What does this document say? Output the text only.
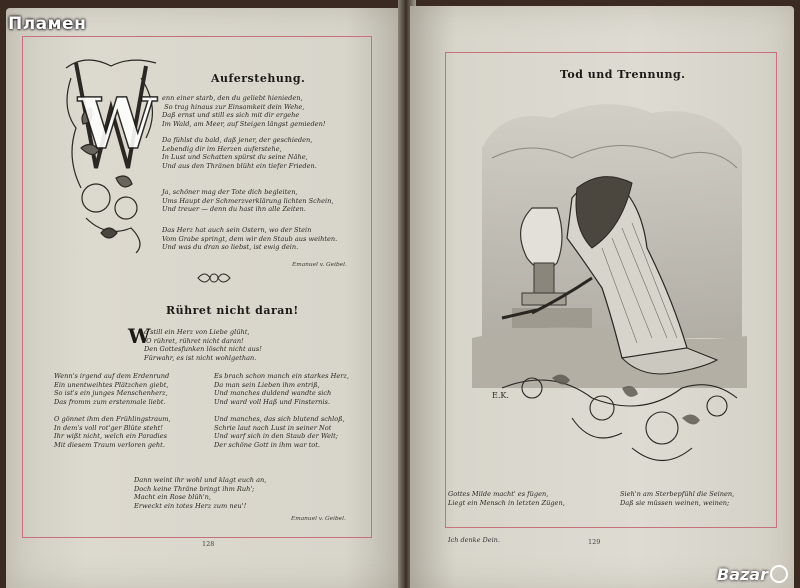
W
Auferstehung.
enn einer starb, den du geliebt hienieden,
So trag hinaus zur Einsamkeit dein Wehe,
Daß ernst und still es sich mit dir ergehe
Im Wald, am Meer, auf Steigen längst gemieden!
Da fühlst du bald, daß jener, der geschieden,
Lebendig dir im Herzen auferstehe,
In Lust und Schatten spürst du seine Nähe,
Und aus den Thränen blüht ein tiefer Frieden.
Ja, schöner mag der Tote dich begleiten,
Ums Haupt der Schmerzverklärung lichten Schein,
Und treuer — denn du hast ihn alle Zeiten.
Das Herz hat auch sein Ostern, wo der Stein
Vom Grabe springt, dem wir den Staub aus weihten.
Und was du dran so liebst, ist ewig dein.
Emanuel v. Geibel.
Rühret nicht daran!
W
o still ein Herz von Liebe glüht,
O rühret, rühret nicht daran!
Den Gottesfunken löscht nicht aus!
Fürwahr, es ist nicht wohlgethan.
Wenn's irgend auf dem Erdenrund
Ein unentweihtes Plätzchen giebt,
So ist's ein junges Menschenherz,
Das fromm zum erstenmale liebt.

O gönnet ihm den Frühlingstraum,
In dem's voll rot'ger Blüte steht!
Ihr wißt nicht, welch ein Paradies
Mit diesem Traum verloren geht.
Es brach schon manch ein starkes Herz,
Da man sein Lieben ihm entriß,
Und manches duldend wandte sich
Und ward voll Haß und Finsternis.

Und manches, das sich blutend schloß,
Schrie laut nach Lust in seiner Not
Und warf sich in den Staub der Welt;
Der schöne Gott in ihm war tot.
Dann weint ihr wohl und klagt euch an,
Doch keine Thräne bringt ihm Ruh';
Macht ein Rose blüh'n,
Erweckt ein totes Herz zum neu'!
Emanuel v. Geibel.
128
Tod und Trennung.
E.K.
Gottes Milde macht' es fügen,
Liegt ein Mensch in letzten Zügen,
Sieh'n am Sterbepfühl die Seinen,
Daß sie müssen weinen, weinen;
Ich denke Dein.	129
Пламен
Bazar
